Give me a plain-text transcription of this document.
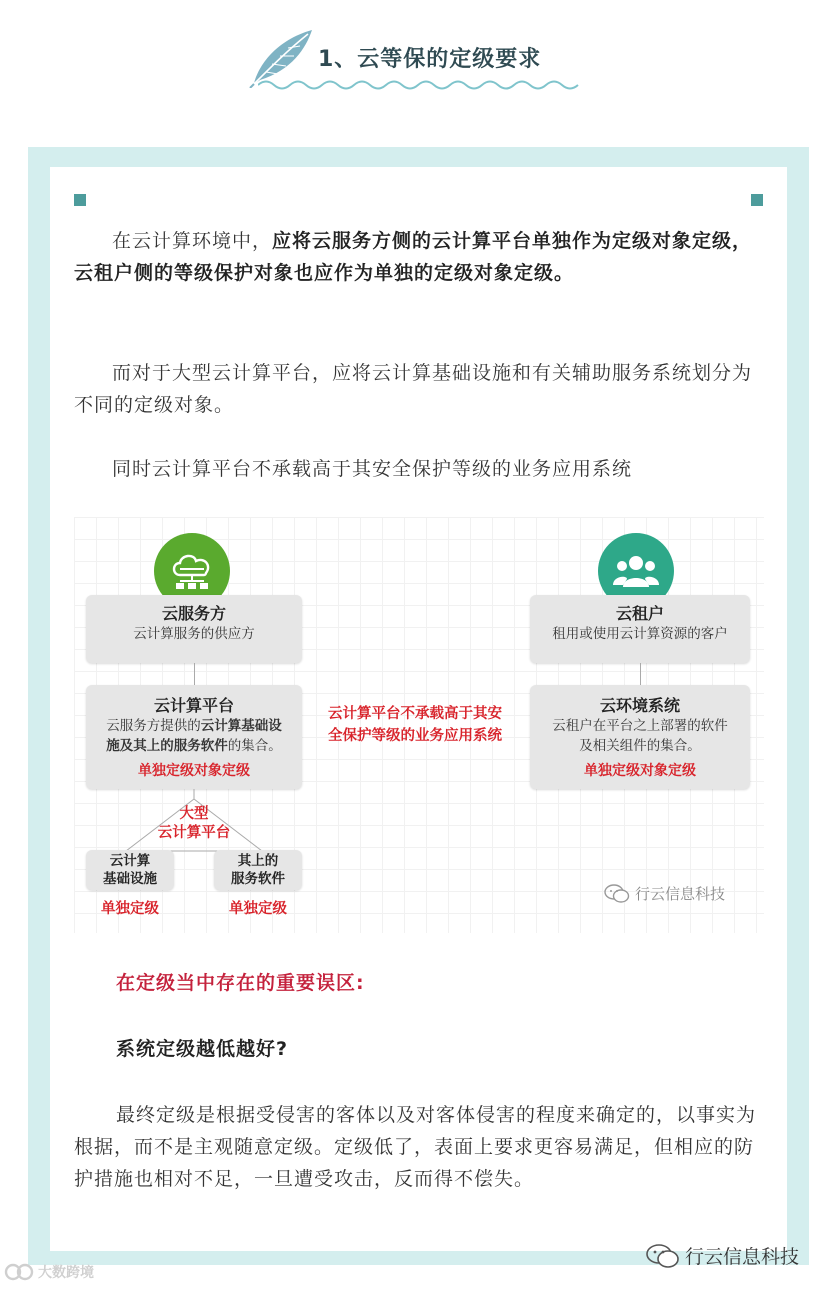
1、云等保的定级要求

在云计算环境中，应将云服务方侧的云计算平台单独作为定级对象定级，云租户侧的等级保护对象也应作为单独的定级对象定级。

而对于大型云计算平台，应将云计算基础设施和有关辅助服务系统划分为不同的定级对象。

同时云计算平台不承载高于其安全保护等级的业务应用系统

云服务方
云计算服务的供应方
云计算平台
云服务方提供的云计算基础设
施及其上的服务软件的集合。
单独定级对象定级
大型
云计算平台
云计算
基础设施
单独定级
其上的
服务软件
单独定级
云计算平台不承载高于其安
全保护等级的业务应用系统
云租户
租用或使用云计算资源的客户
云环境系统
云租户在平台之上部署的软件
及相关组件的集合。
单独定级对象定级
行云信息科技

在定级当中存在的重要误区:

系统定级越低越好?

最终定级是根据受侵害的客体以及对客体侵害的程度来确定的，以事实为根据，而不是主观随意定级。定级低了，表面上要求更容易满足，但相应的防护措施也相对不足，一旦遭受攻击，反而得不偿失。

行云信息科技
大数跨境
